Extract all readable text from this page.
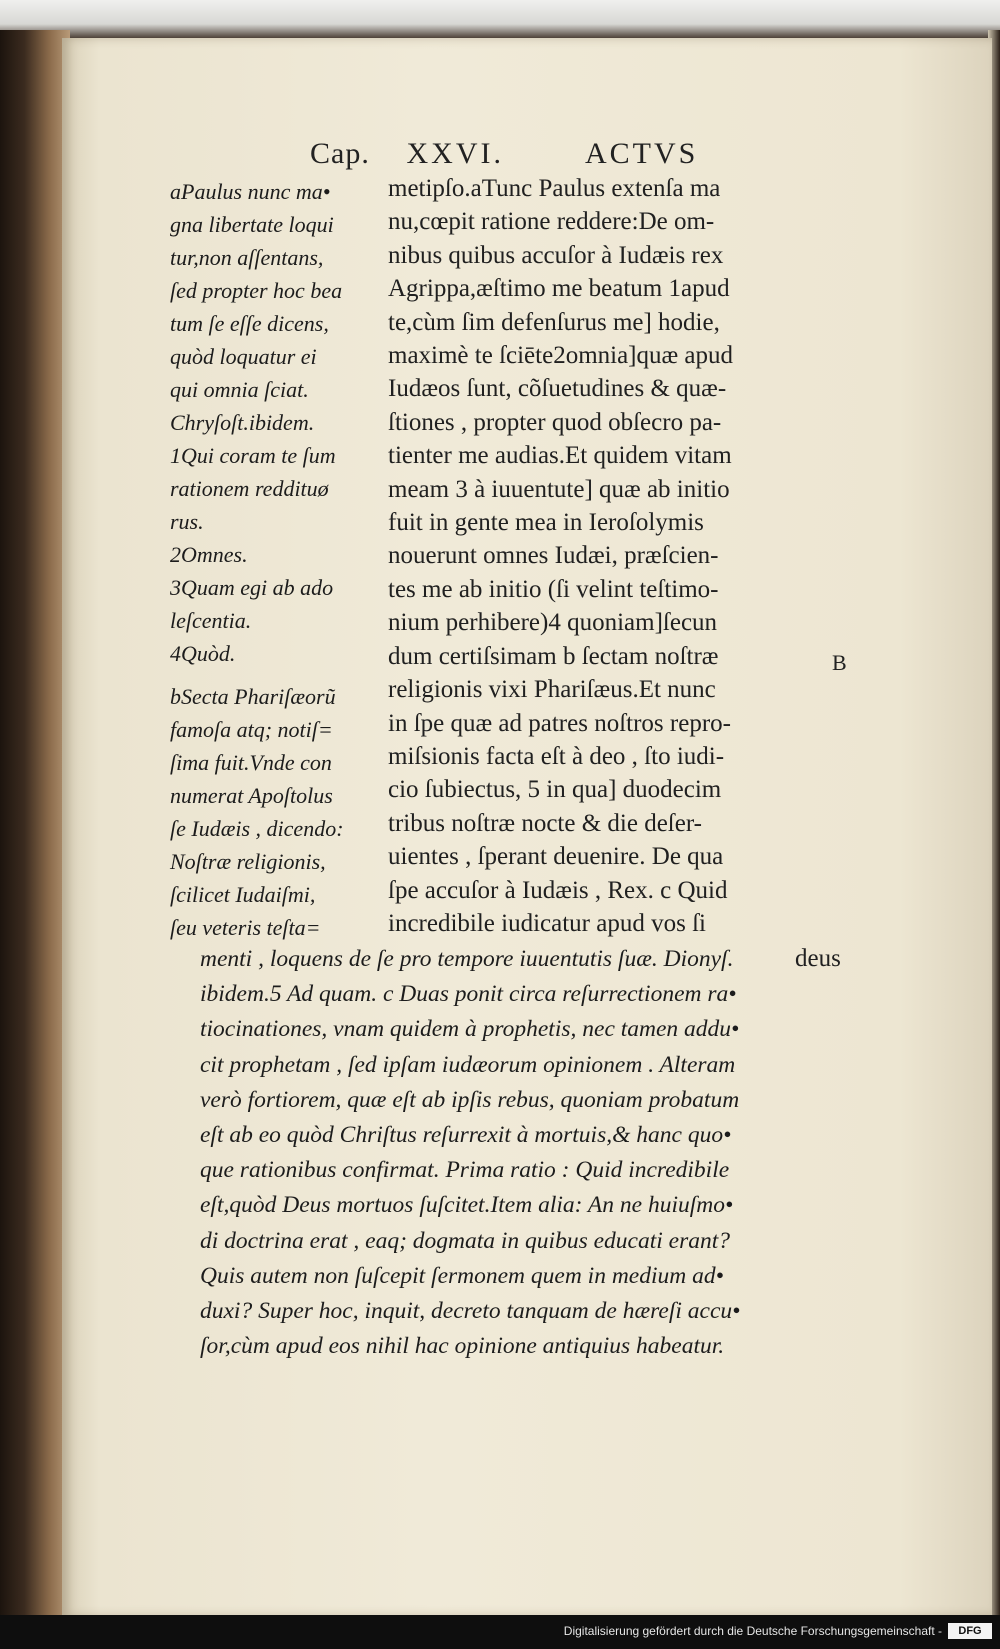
Cap. XXVI.	ACTVS

aPaulus nunc ma•

gna libertate loqui

tur,non aſſentans,

ſed propter hoc bea

tum ſe eſſe dicens,

quòd loquatur ei

qui omnia ſciat.

Chryſoſt.ibidem.

1Qui coram te ſum

rationem reddituø

rus.

2Omnes.

3Quam egi ab ado

leſcentia.

4Quòd.

bSecta Phariſæorũ

famoſa atq; notiſ=

ſima fuit.Vnde con

numerat Apoſtolus

ſe Iudæis , dicendo:

Noſtræ religionis,

ſcilicet Iudaiſmi,

ſeu veteris teſta=

metipſo.aTunc Paulus extenſa ma
nu,cœpit ratione reddere:De om-
nibus quibus accuſor à Iudæis rex
Agrippa,æſtimo me beatum 1apud
te,cùm ſim defenſurus me] hodie,
maximè te ſciēte2omnia]quæ apud
Iudæos ſunt, cõſuetudines & quæ-
ſtiones , propter quod obſecro pa-
tienter me audias.Et quidem vitam
meam 3 à iuuentute] quæ ab initio
fuit in gente mea in Ieroſolymis
nouerunt omnes Iudæi, præſcien-
tes me ab initio (ſi velint teſtimo-
nium perhibere)4 quoniam]ſecun
dum certiſsimam b ſectam noſtræ
religionis vixi Phariſæus.Et nunc
in ſpe quæ ad patres noſtros repro-
miſsionis facta eſt à deo , ſto iudi-
cio ſubiectus, 5 in qua] duodecim
tribus noſtræ nocte & die deſer-
uientes , ſperant deuenire. De qua
ſpe accuſor à Iudæis , Rex. c Quid
incredibile iudicatur apud vos ſi
B
deus
menti , loquens de ſe pro tempore iuuentutis ſuæ. Dionyſ.
ibidem.5 Ad quam. c Duas ponit circa reſurrectionem ra•
tiocinationes, vnam quidem à prophetis, nec tamen addu•
cit prophetam , ſed ipſam iudæorum opinionem . Alteram
verò fortiorem, quæ eſt ab ipſis rebus, quoniam probatum
eſt ab eo quòd Chriſtus reſurrexit à mortuis,& hanc quo•
que rationibus confirmat. Prima ratio : Quid incredibile
eſt,quòd Deus mortuos ſuſcitet.Item alia: An ne huiuſmo•
di doctrina erat , eaq; dogmata in quibus educati erant?
Quis autem non ſuſcepit ſermonem quem in medium ad•
duxi? Super hoc, inquit, decreto tanquam de hæreſi accu•
ſor,cùm apud eos nihil hac opinione antiquius habeatur.
Digitalisierung gefördert durch die Deutsche Forschungsgemeinschaft -	DFG
